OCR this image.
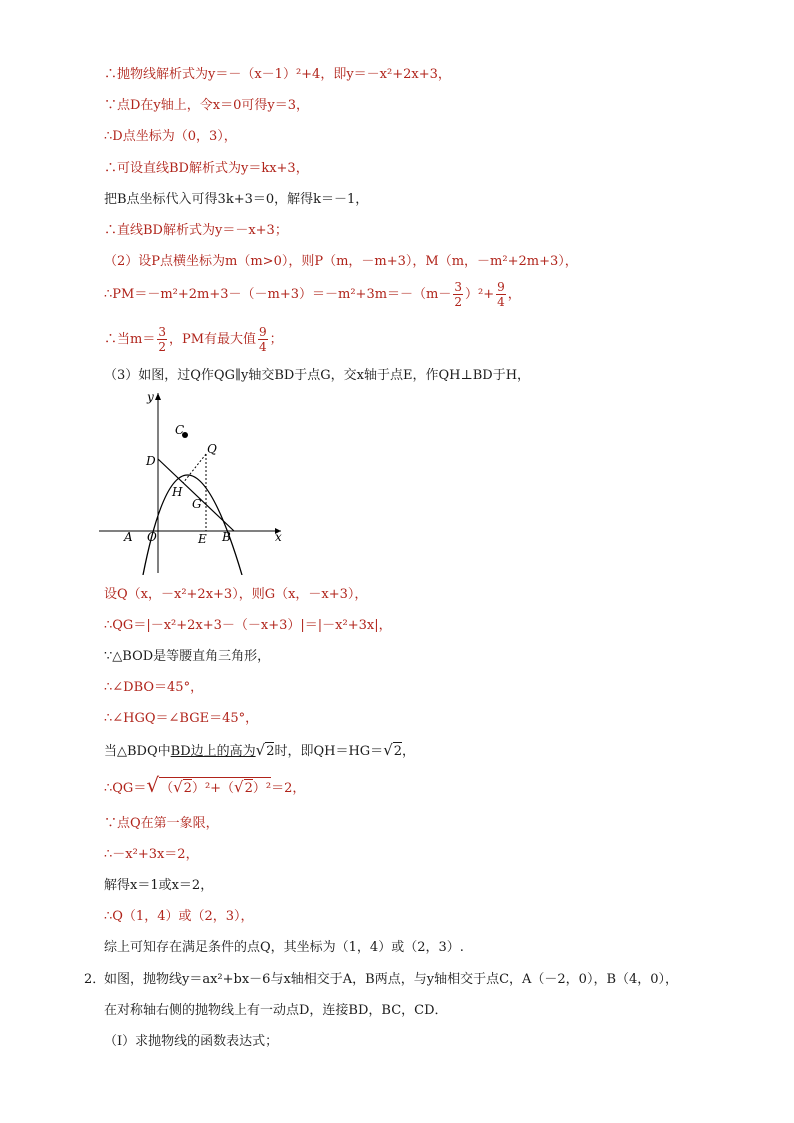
∴抛物线解析式为y＝－（x－1）²+4，即y＝－x²+2x+3，
∵点D在y轴上，令x＝0可得y＝3，
∴D点坐标为（0，3），
∴可设直线BD解析式为y＝kx+3，
把B点坐标代入可得3k+3＝0，解得k＝－1，
∴直线BD解析式为y＝－x+3；
（2）设P点横坐标为m（m>0），则P（m，－m+3），M（m，－m²+2m+3），
∴PM＝－m²+2m+3－（－m+3）＝－m²+3m＝－（m－ $\frac{3}{2} )^2+ \frac{9}{4}$ ，
∴当$m= \frac{3}{2}$ ，PM有最大值 $\frac{9}{4}$ ；
（3）如图，过Q作QG∥y轴交BD于点G，交x轴于点E，作QH⊥BD于H，
C
D
Q
H
G
A O	E B	x
y
设Q（x，－x²+2x+3），则G（x，－x+3），
∴QG＝|－x²+2x+3－（－x+3）|＝|－x²+3x|，
∵△BOD是等腰直角三角形，
∴∠DBO＝45°，
∴∠HGQ＝∠BGE＝45°，
当△BDQ中BD边上的高为√2时，即QH＝HG＝√2，
∴QG＝√（√2）²+（√2）²＝2，
∵点Q在第一象限，
∴－x²+3x＝2，
解得x＝1或x＝2，
∴Q（1，4）或（2，3），
综上可知存在满足条件的点Q，其坐标为（1，4）或（2，3）.
2．
如图，抛物线y＝ax²+bx－6与x轴相交于A，B两点，与y轴相交于点C，A（－2，0），B（4，0），
在对称轴右侧的抛物线上有一动点D，连接BD，BC，CD．
（Ⅰ）求抛物线的函数表达式；
